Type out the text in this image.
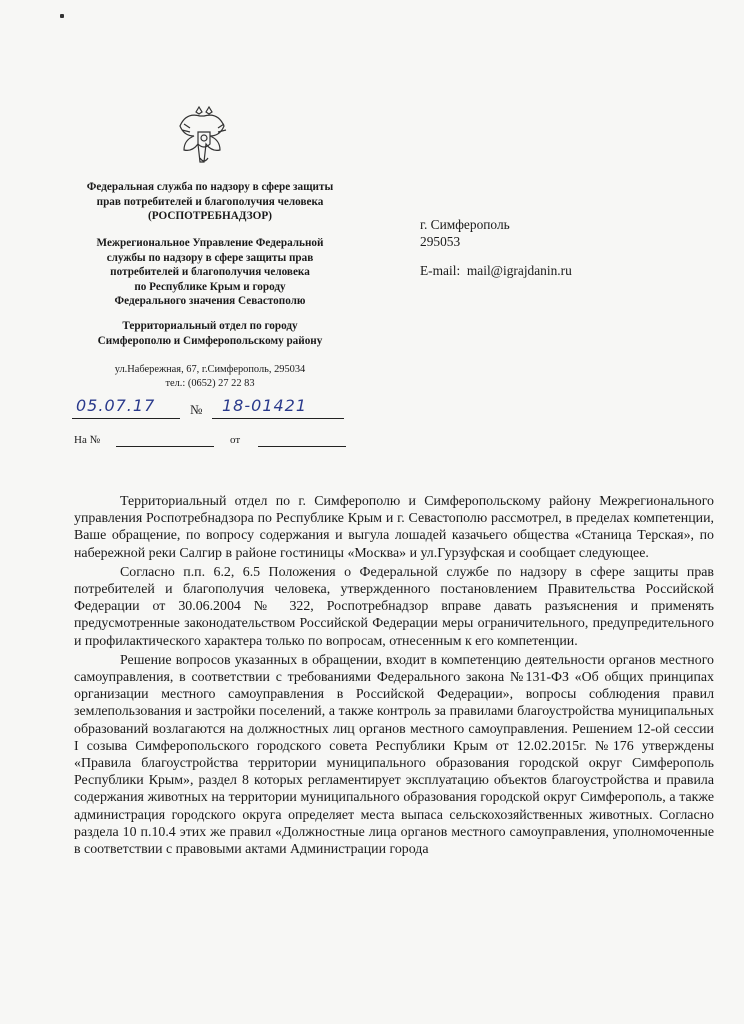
Федеральная служба по надзору в сфере защиты
прав потребителей и благополучия человека
(РОСПОТРЕБНАДЗОР)
Межрегиональное Управление Федеральной
службы по надзору в сфере защиты прав
потребителей и благополучия человека
по Республике Крым и городу
Федерального значения Севастополю
Территориальный отдел по городу
Симферополю и Симферопольскому району
ул.Набережная, 67, г.Симферополь, 295034
тел.: (0652) 27 22 83
05.07.17	№ 18-01421
На №	от
г. Симферополь
295053
E-mail: mail@igrajdanin.ru

Территориальный отдел по г. Симферополю и Симферопольскому району Межрегионального управления Роспотребнадзора по Республике Крым и г. Севастополю рассмотрел, в пределах компетенции, Ваше обращение, по вопросу содержания и выгула лошадей казачьего общества «Станица Терская», по набережной реки Салгир в районе гостиницы «Москва» и ул.Гурзуфская и сообщает следующее.

Согласно п.п. 6.2, 6.5 Положения о Федеральной службе по надзору в сфере защиты прав потребителей и благополучия человека, утвержденного постановлением Правительства Российской Федерации от 30.06.2004 № 322, Роспотребнадзор вправе давать разъяснения и применять предусмотренные законодательством Российской Федерации меры ограничительного, предупредительного и профилактического характера только по вопросам, отнесенным к его компетенции.

Решение вопросов указанных в обращении, входит в компетенцию деятельности органов местного самоуправления, в соответствии с требованиями Федерального закона №131-ФЗ «Об общих принципах организации местного самоуправления в Российской Федерации», вопросы соблюдения правил землепользования и застройки поселений, а также контроль за правилами благоустройства муниципальных образований возлагаются на должностных лиц органов местного самоуправления. Решением 12-ой сессии I созыва Симферопольского городского совета Республики Крым от 12.02.2015г. №176 утверждены «Правила благоустройства территории муниципального образования городской округ Симферополь Республики Крым», раздел 8 которых регламентирует эксплуатацию объектов благоустройства и правила содержания животных на территории муниципального образования городской округ Симферополь, а также администрация городского округа определяет места выпаса сельскохозяйственных животных. Согласно раздела 10 п.10.4 этих же правил «Должностные лица органов местного самоуправления, уполномоченные в соответствии с правовыми актами Администрации города
